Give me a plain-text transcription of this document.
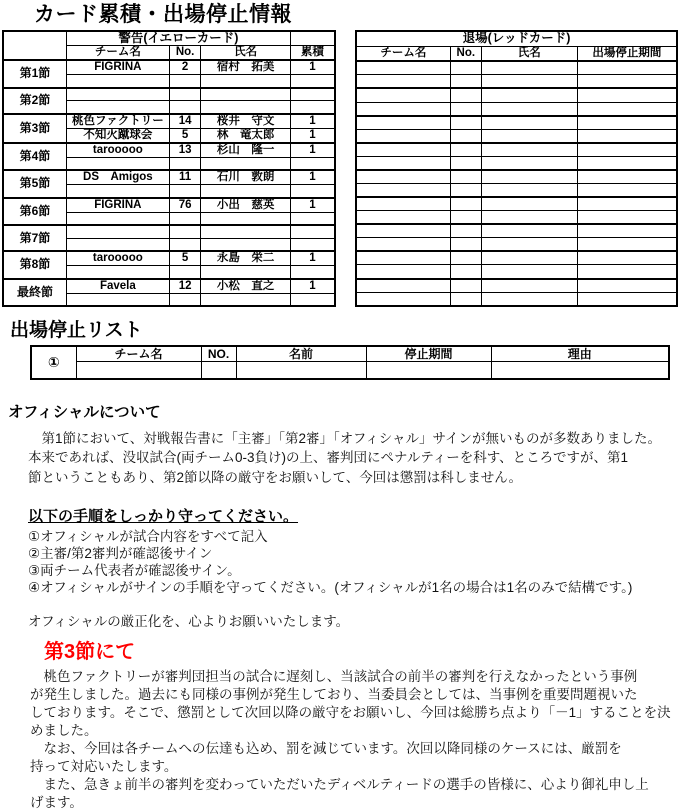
カード累積・出場停止情報
	警告(イエローカード)			
	チーム名	No.	氏名	累積
第1節	FIGRINA	2	宿村　拓美	1

第2節				

第3節	桃色ファクトリー	14	桜井　守文	1
	不知火蹴球会	5	林　竜太郎	1
第4節	tarooooo	13	杉山　隆一	1

第5節	DS　Amigos	11	石川　敦朗	1

第6節	FIGRINA	76	小出　慈英	1

第7節				

第8節	tarooooo	5	永島　栄二	1

最終節	Favela	12	小松　直之	1

退場(レッドカード)			
チーム名	No.	氏名	出場停止期間

出場停止リスト
①	チーム名	NO.	名前	停止期間	理由

オフィシャルについて
　第1節において、対戦報告書に「主審」「第2審」「オフィシャル」サインが無いものが多数ありました。
本来であれば、没収試合(両チーム0-3負け)の上、審判団にペナルティーを科す、ところですが、第1
節ということもあり、第2節以降の厳守をお願いして、今回は懲罰は科しません。
以下の手順をしっかり守ってください。
①オフィシャルが試合内容をすべて記入
②主審/第2審判が確認後サイン
③両チーム代表者が確認後サイン。
④オフィシャルがサインの手順を守ってください。(オフィシャルが1名の場合は1名のみで結構です。)
オフィシャルの厳正化を、心よりお願いいたします。
第3節にて
　桃色ファクトリーが審判団担当の試合に遅刻し、当該試合の前半の審判を行えなかったという事例
が発生しました。過去にも同様の事例が発生しており、当委員会としては、当事例を重要問題視いた
しております。そこで、懲罰として次回以降の厳守をお願いし、今回は総勝ち点より「－1」することを決
めました。
　なお、今回は各チームへの伝達も込め、罰を減じています。次回以降同様のケースには、厳罰を
持って対応いたします。
　また、急きょ前半の審判を変わっていただいたディベルティードの選手の皆様に、心より御礼申し上
げます。
